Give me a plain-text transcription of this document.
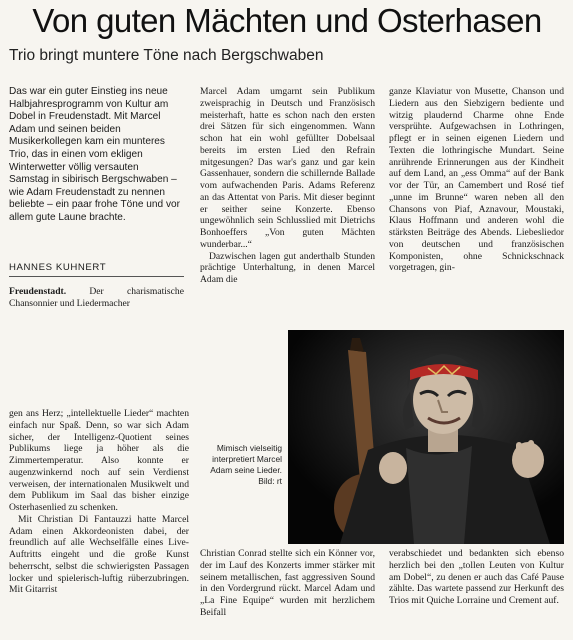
Von guten Mächten und Osterhasen
Trio bringt muntere Töne nach Bergschwaben
Das war ein guter Einstieg ins neue Halbjahresprogramm von Kultur am Dobel in Freudenstadt. Mit Marcel Adam und seinen beiden Musikerkollegen kam ein munteres Trio, das in einen vom ekligen Winterwetter völlig versauten Samstag in sibirisch Bergschwaben – wie Adam Freudenstadt zu nennen beliebte – ein paar frohe Töne und vor allem gute Laune brachte.
HANNES KUHNERT

Freudenstadt. Der charismatische Chansonnier und Liedermacher

Marcel Adam umgarnt sein Publikum zweisprachig in Deutsch und Französisch meisterhaft, hatte es schon nach den ersten drei Sätzen für sich eingenommen. Wann schon hat ein wohl gefüllter Dobelsaal bereits im ersten Lied den Refrain mitgesungen? Das war's ganz und gar kein Gassenhauer, sondern die schillernde Ballade vom aufwachenden Paris. Adams Referenz an das Attentat von Paris. Mit dieser beginnt er seither seine Konzerte. Ebenso ungewöhnlich sein Schlusslied mit Dietrichs Bonhoeffers „Von guten Mächten wunderbar...“

Dazwischen lagen gut anderthalb Stunden prächtige Unterhaltung, in denen Marcel Adam die

ganze Klaviatur von Musette, Chanson und Liedern aus den Siebzigern bediente und witzig plaudernd Charme ohne Ende versprühte. Aufgewachsen in Lothringen, pflegt er in seinen eigenen Liedern und Texten die lothringische Mundart. Seine anrührende Erinnerungen aus der Kindheit auf dem Land, an „ess Omma“ auf der Bank vor der Tür, an Camembert und Rosé tief „unne im Brunne“ waren neben all den Chansons von Piaf, Aznavour, Moustaki, Klaus Hoffmann und anderen wohl die stärksten Beiträge des Abends. Liebesliedor von deutschen und französischen Komponisten, ohne Schnickschnack vorgetragen, gin-

gen ans Herz; „intellektuelle Lieder“ machten einfach nur Spaß. Denn, so war sich Adam sicher, der Intelligenz-Quotient seines Publikums liege ja höher als die Zimmertemperatur. Also konnte er augenzwinkernd noch auf sein Verdienst verweisen, der internationalen Musikwelt und dem Publikum im Saal das bisher einzige Osterhasenlied zu schenken.

Mit Christian Di Fantauzzi hatte Marcel Adam einen Akkordeonisten dabei, der freundlich auf alle Wechselfälle eines Live-Auftritts eingeht und die große Kunst beherrscht, selbst die schwierigsten Passagen locker und spielerisch-luftig rüberzubringen. Mit Gitarrist

Mimisch vielseitig interpretiert Marcel Adam seine Lieder.
Bild: rt
Christian Conrad stellte sich ein Könner vor, der im Lauf des Konzerts immer stärker mit seinem metallischen, fast aggressiven Sound in den Vordergrund rückt. Marcel Adam und „La Fine Equipe“ wurden mit herzlichem Beifall
verabschiedet und bedankten sich ebenso herzlich bei den „tollen Leuten von Kultur am Dobel“, zu denen er auch das Café Pause zählte. Das wartete passend zur Herkunft des Trios mit Quiche Lorraine und Crement auf.
